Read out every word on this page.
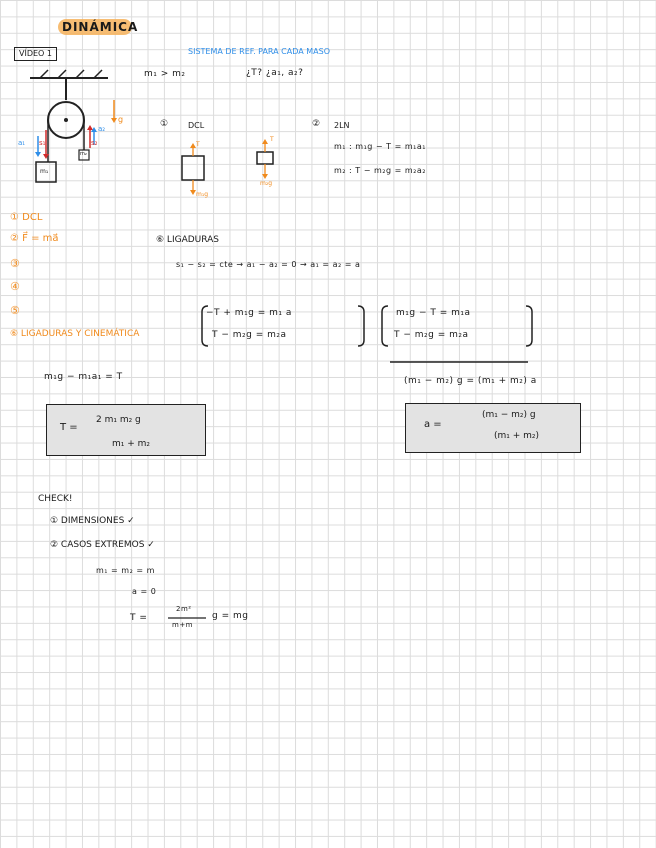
DINÁMICA
VÍDEO 1	SISTEMA DE REF. PARA CADA MASO
m₁ > m₂	¿T? ¿a₁, a₂?
s₁
a₁	s₂
a₂
g
m₁
m₂
① DCL
T
m₁g
T
m₂g
② 2LN
m₁ : m₁g − T = m₁a₁
m₂ : T − m₂g = m₂a₂
① DCL
② F⃗ = ma⃗
③
④
⑤
⑥ LIGADURAS Y CINEMÁTICA
⑥ LIGADURAS
s₁ − s₂ = cte → a₁ − a₂ = 0 → a₁ = a₂ = a
−T + m₁g = m₁ a
T − m₂g = m₂a
m₁g − T = m₁a
T − m₂g = m₂a
(m₁ − m₂) g = (m₁ + m₂) a
m₁g − m₁a₁ = T
T =
2 m₁ m₂ g
m₁ + m₂
a =
(m₁ − m₂) g
(m₁ + m₂)
CHECK!
① DIMENSIONES ✓
② CASOS EXTREMOS ✓
m₁ = m₂ = m
a = 0
T =
2m²
m+m
g = mg
